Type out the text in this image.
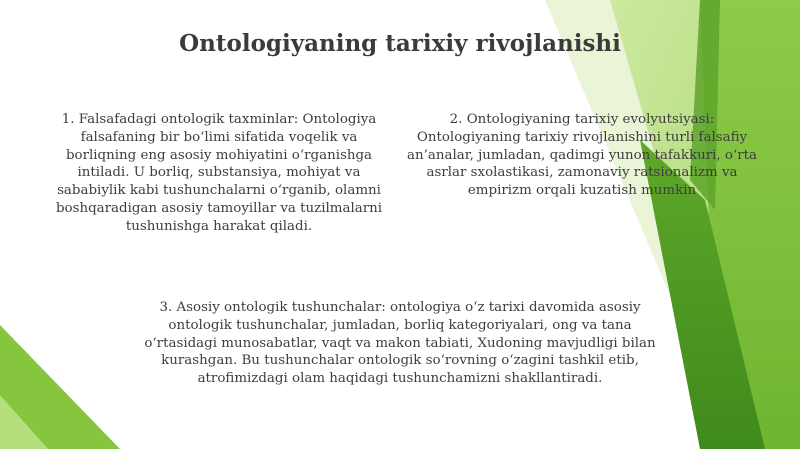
Ontologiyaning tarixiy rivojlanishi

1. Falsafadagi ontologik taxminlar: Ontologiya falsafaning bir bo‘limi sifatida voqelik va borliqning eng asosiy mohiyatini o‘rganishga intiladi. U borliq, substansiya, mohiyat va sababiylik kabi tushunchalarni o‘rganib, olamni boshqaradigan asosiy tamoyillar va tuzilmalarni tushunishga harakat qiladi.

2. Ontologiyaning tarixiy evolyutsiyasi: Ontologiyaning tarixiy rivojlanishini turli falsafiy an’analar, jumladan, qadimgi yunon tafakkuri, o‘rta asrlar sxolastikasi, zamonaviy ratsionalizm va empirizm orqali kuzatish mumkin

3. Asosiy ontologik tushunchalar: ontologiya o‘z tarixi davomida asosiy ontologik tushunchalar, jumladan, borliq kategoriyalari, ong va tana o‘rtasidagi munosabatlar, vaqt va makon tabiati, Xudoning mavjudligi bilan kurashgan. Bu tushunchalar ontologik so‘rovning o‘zagini tashkil etib, atrofimizdagi olam haqidagi tushunchamizni shakllantiradi.
